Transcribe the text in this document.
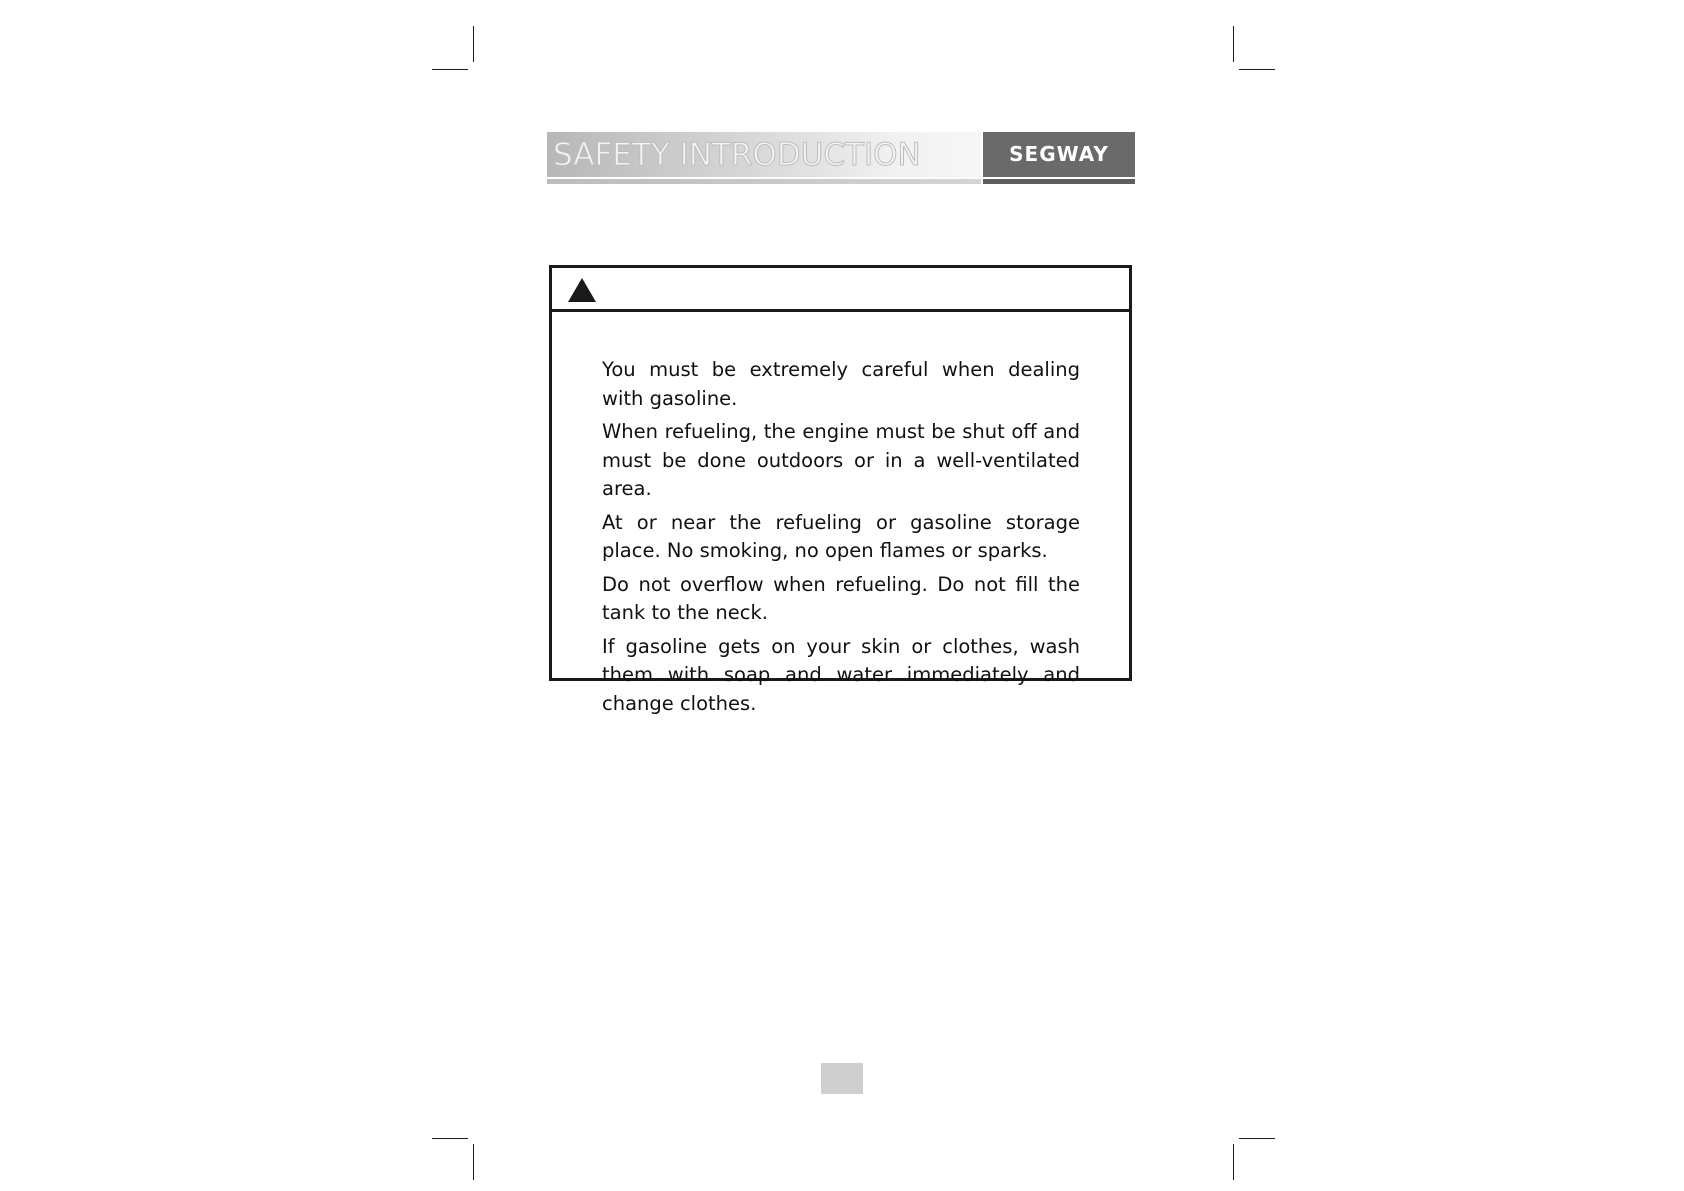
SAFETY INTRODUCTION	SEGWAY
You must be extremely careful when dealing with gasoline.
When refueling, the engine must be shut off and must be done outdoors or in a well-ventilated area.
At or near the refueling or gasoline storage place. No smoking, no open flames or sparks.
Do not overflow when refueling. Do not fill the tank to the neck.
If gasoline gets on your skin or clothes, wash them with soap and water immediately and change clothes.
